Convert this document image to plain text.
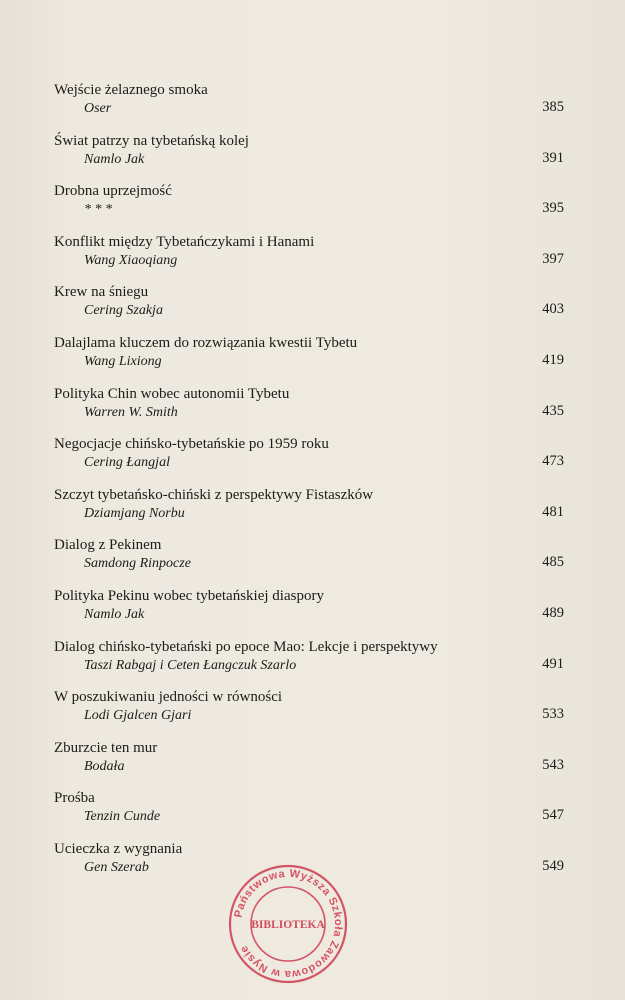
Wejście żelaznego smoka
Oser	385
Świat patrzy na tybetańską kolej
Namlo Jak	391
Drobna uprzejmość
* * *	395
Konflikt między Tybetańczykami i Hanami
Wang Xiaoqiang	397
Krew na śniegu
Cering Szakja	403
Dalajlama kluczem do rozwiązania kwestii Tybetu
Wang Lixiong	419
Polityka Chin wobec autonomii Tybetu
Warren W. Smith	435
Negocjacje chińsko-tybetańskie po 1959 roku
Cering Łangjal	473
Szczyt tybetańsko-chiński z perspektywy Fistaszków
Dziamjang Norbu	481
Dialog z Pekinem
Samdong Rinpocze	485
Polityka Pekinu wobec tybetańskiej diaspory
Namlo Jak	489
Dialog chińsko-tybetański po epoce Mao: Lekcje i perspektywy
Taszi Rabgaj i Ceten Łangczuk Szarlo	491
W poszukiwaniu jedności w równości
Lodi Gjalcen Gjari	533
Zburzcie ten mur
Bodała	543
Prośba
Tenzin Cunde	547
Ucieczka z wygnania
Gen Szerab	549
Państwowa Wyższa Szkoła Zawodowa w Nysie
BIBLIOTEKA
